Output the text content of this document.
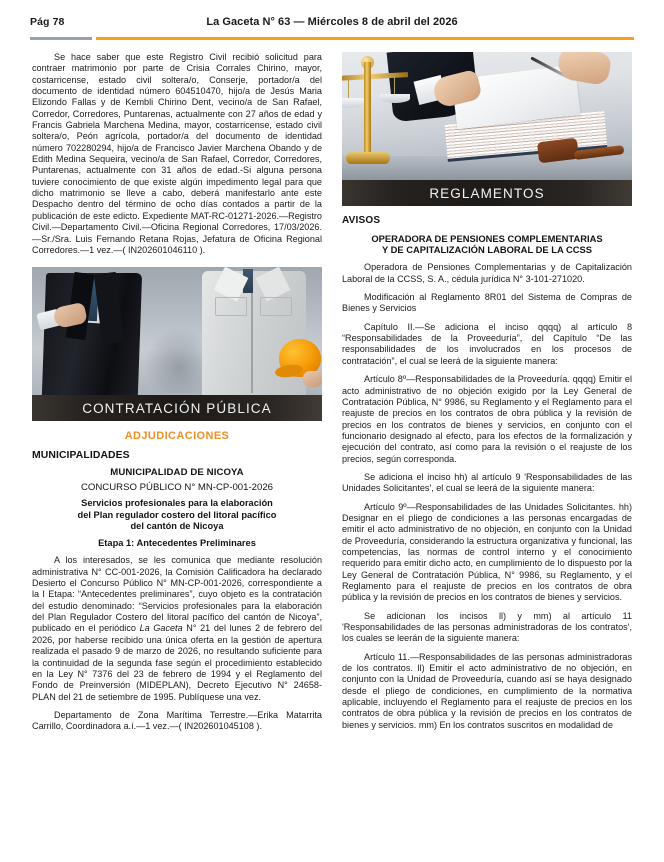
Pág 78	La Gaceta N° 63 — Miércoles 8 de abril del 2026

Se hace saber que este Registro Civil recibió solicitud para contraer matrimonio por parte de Crisia Corrales Chirino, mayor, costarricense, estado civil soltera/o, Conserje, portador/a del documento de identidad número 604510470, hijo/a de Jesús Maria Elizondo Fallas y de Kembli Chirino Dent, vecino/a de San Rafael, Corredor, Corredores, Puntarenas, actualmente con 27 años de edad y Francis Gabriela Marchena Medina, mayor, costarricense, estado civil soltera/o, Peón agrícola, portador/a del documento de identidad número 702280294, hijo/a de Francisco Javier Marchena Obando y de Edith Medina Sequeira, vecino/a de San Rafael, Corredor, Corredores, Puntarenas, actualmente con 31 años de edad.-Si alguna persona tuviere conocimiento de que existe algún impedimento legal para que dicho matrimonio se lleve a cabo, deberá manifestarlo ante este Despacho dentro del término de ocho días contados a partir de la publicación de este edicto. Expediente MAT-RC-01271-2026.—Registro Civil.—Departamento Civil.—Oficina Regional Corredores, 17/03/2026.—Sr./Sra. Luis Fernando Retana Rojas, Jefatura de Oficina Regional Corredores.—1 vez.—( IN202601046110 ).

CONTRATACIÓN PÚBLICA
ADJUDICACIONES
MUNICIPALIDADES
MUNICIPALIDAD DE NICOYA
CONCURSO PÚBLICO N° MN-CP-001-2026
Servicios profesionales para la elaboración
del Plan regulador costero del litoral pacífico
del cantón de Nicoya
Etapa 1: Antecedentes Preliminares

A los interesados, se les comunica que mediante resolución administrativa N° CC-001-2026, la Comisión Calificadora ha declarado Desierto el Concurso Público N° MN-CP-001-2026, correspondiente a la I Etapa: “Antecedentes preliminares”, cuyo objeto es la contratación del estudio denominado: “Servicios profesionales para la elaboración del Plan Regulador Costero del litoral pacífico del cantón de Nicoya”, publicado en el periódico La Gaceta N° 21 del lunes 2 de febrero del 2026, por haberse recibido una única oferta en la gestión de apertura realizada el pasado 9 de marzo de 2026, no resultando suficiente para la continuidad de la segunda fase según el procedimiento establecido en la Ley N° 7376 del 23 de febrero de 1994 y el Reglamento del Fondo de Preinversión (MIDEPLAN), Decreto Ejecutivo N° 24658-PLAN del 21 de setiembre de 1995. Publíquese una vez.

Departamento de Zona Marítima Terrestre.—Erika Matarrita Carrillo, Coordinadora a.í.—1 vez.—( IN202601045108 ).

REGLAMENTOS
AVISOS
OPERADORA DE PENSIONES COMPLEMENTARIAS
Y DE CAPITALIZACIÓN LABORAL DE LA CCSS

Operadora de Pensiones Complementarias y de Capitalización Laboral de la CCSS, S. A., cédula jurídica N° 3-101-271020.

Modificación al Reglamento 8R01 del Sistema de Compras de Bienes y Servicios

Capítulo II.—Se adiciona el inciso qqqq) al artículo 8 “Responsabilidades de la Proveeduría”, del Capítulo “De las responsabilidades de los involucrados en los procesos de contratación”, el cual se leerá de la siguiente manera:

Artículo 8º—Responsabilidades de la Proveeduría. qqqq) Emitir el acto administrativo de no objeción exigido por la Ley General de Contratación Pública, N° 9986, su Reglamento y el Reglamento para el reajuste de precios en los contratos de obra pública y la revisión de precios en los contratos de bienes y servicios, en conjunto con el funcionario designado al efecto, para los efectos de la formalización y ejecución del contrato, así como para la revisión o el reajuste de los precios, según corresponda.

Se adiciona el inciso hh) al artículo 9 'Responsabilidades de las Unidades Solicitantes', el cual se leerá de la siguiente manera:

Artículo 9º—Responsabilidades de las Unidades Solicitantes. hh) Designar en el pliego de condiciones a las personas encargadas de emitir el acto administrativo de no objeción, en conjunto con la Unidad de Proveeduría, considerando la estructura organizativa y funcional, las competencias, las normas de control interno y el conocimiento requerido para emitir dicho acto, en cumplimiento de lo dispuesto por la Ley General de Contratación Pública, N° 9986, su Reglamento, y el Reglamento para el reajuste de precios en los contratos de obra pública y la revisión de precios en los contratos de bienes y servicios.

Se adicionan los incisos ll) y mm) al artículo 11 'Responsabilidades de las personas administradoras de los contratos', los cuales se leerán de la siguiente manera:

Artículo 11.—Responsabilidades de las personas administradoras de los contratos. ll) Emitir el acto administrativo de no objeción, en conjunto con la Unidad de Proveeduría, cuando así se haya designado desde el pliego de condiciones, en cumplimiento de la normativa aplicable, incluyendo el Reglamento para el reajuste de precios en los contratos de obra pública y la revisión de precios en los contratos de bienes y servicios. mm) En los contratos suscritos en modalidad de
